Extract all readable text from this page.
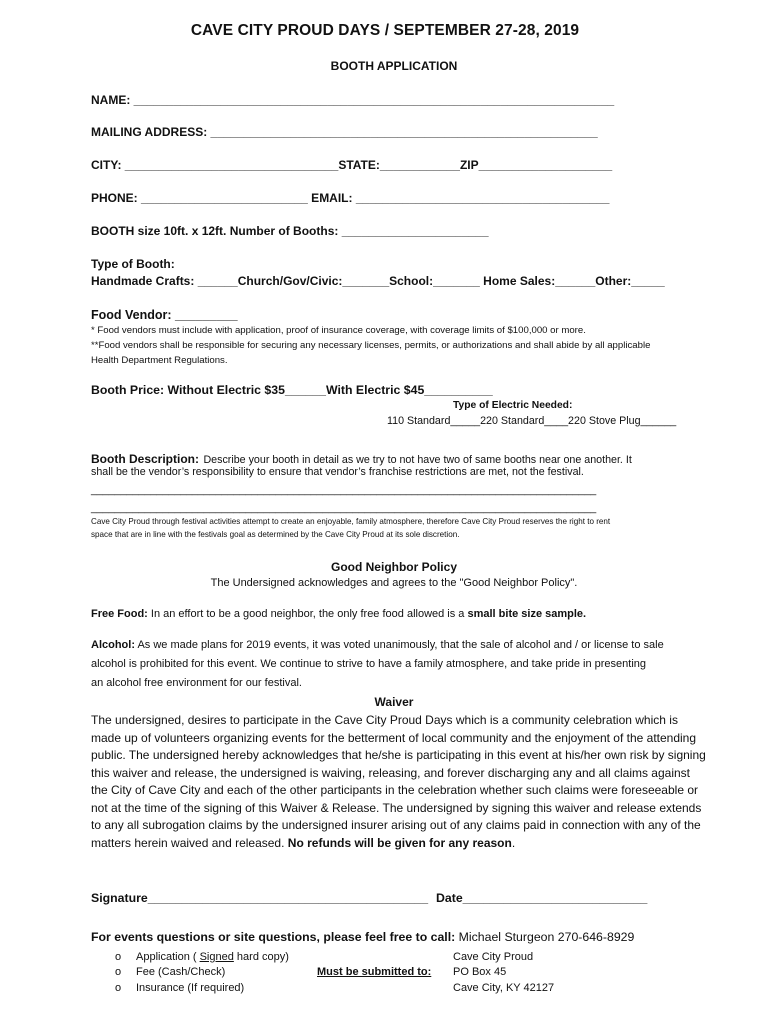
CAVE CITY PROUD DAYS / SEPTEMBER 27-28, 2019
BOOTH APPLICATION
NAME: ________________________________________________________________________
MAILING ADDRESS: __________________________________________________________
CITY: ________________________________STATE:____________ZIP____________________
PHONE: _________________________ EMAIL: ______________________________________
BOOTH size 10ft. x 12ft. Number of Booths: ______________________
Type of Booth:
Handmade Crafts: ______Church/Gov/Civic:_______School:_______ Home Sales:______Other:_____
Food Vendor: _________
* Food vendors must include with application, proof of insurance coverage, with coverage limits of $100,000 or more.
**Food vendors shall be responsible for securing any necessary licenses, permits, or authorizations and shall abide by all applicable
Health Department Regulations.
Booth Price: Without Electric $35______With Electric $45__________
Type of Electric Needed:
110 Standard_____220 Standard____220 Stove Plug______
Booth Description: Describe your booth in detail as we try to not have two of same booths near one another. It
shall be the vendor’s responsibility to ensure that vendor’s franchise restrictions are met, not the festival.
_____________________________________________________________________________________
_____________________________________________________________________________________
Cave City Proud through festival activities attempt to create an enjoyable, family atmosphere, therefore Cave City Proud reserves the right to rent
space that are in line with the festivals goal as determined by the Cave City Proud at its sole discretion.
Good Neighbor Policy
The Undersigned acknowledges and agrees to the "Good Neighbor Policy".
Free Food: In an effort to be a good neighbor, the only free food allowed is a small bite size sample.
Alcohol: As we made plans for 2019 events, it was voted unanimously, that the sale of alcohol and / or license to sale
alcohol is prohibited for this event. We continue to strive to have a family atmosphere, and take pride in presenting
an alcohol free environment for our festival.
Waiver
The undersigned, desires to participate in the Cave City Proud Days which is a community celebration which is made up of volunteers organizing events for the betterment of local community and the enjoyment of the attending public. The undersigned hereby acknowledges that he/she is participating in this event at his/her own risk by signing this waiver and release, the undersigned is waiving, releasing, and forever discharging any and all claims against the City of Cave City and each of the other participants in the celebration whether such claims were foreseeable or not at the time of the signing of this Waiver & Release. The undersigned by signing this waiver and release extends to any all subrogation claims by the undersigned insurer arising out of any claims paid in connection with any of the matters herein waived and released. No refunds will be given for any reason.
Signature_________________________________________ Date___________________________
For events questions or site questions, please feel free to call: Michael Sturgeon 270-646-8929
o Application ( Signed hard copy)
o Fee (Cash/Check)
o Insurance (If required)
Must be submitted to:
Cave City Proud
PO Box 45
Cave City, KY 42127
